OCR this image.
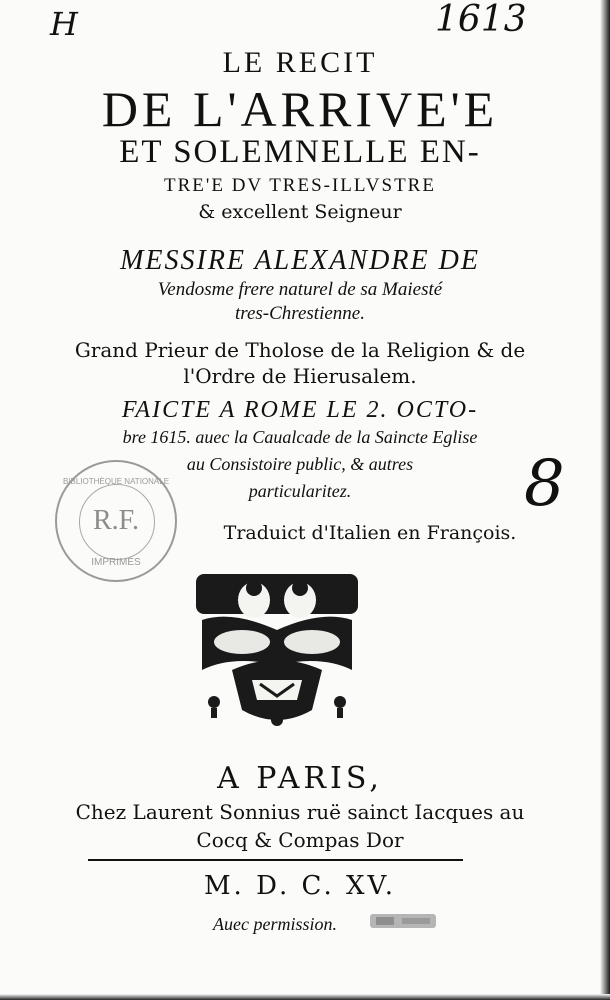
H	1613
8
LE RECIT
DE L'ARRIVE'E
ET SOLEMNELLE EN-
TRE'E DV TRES-ILLVSTRE
& excellent Seigneur
MESSIRE ALEXANDRE DE
Vendosme frere naturel de sa Maiesté
tres-Chrestienne.
Grand Prieur de Tholose de la Religion & de
l'Ordre de Hierusalem.
FAICTE A ROME LE 2. OCTO-
bre 1615. auec la Caualcade de la Saincte Eglise
au Consistoire public, & autres
particularitez.
BIBLIOTHÈQUE NATIONALE
R.F.
IMPRIMÉS
Traduict d'Italien en François.
A PARIS,
Chez Laurent Sonnius ruë sainct Iacques au
Cocq & Compas Dor
M. D. C. XV.
Auec permission.
